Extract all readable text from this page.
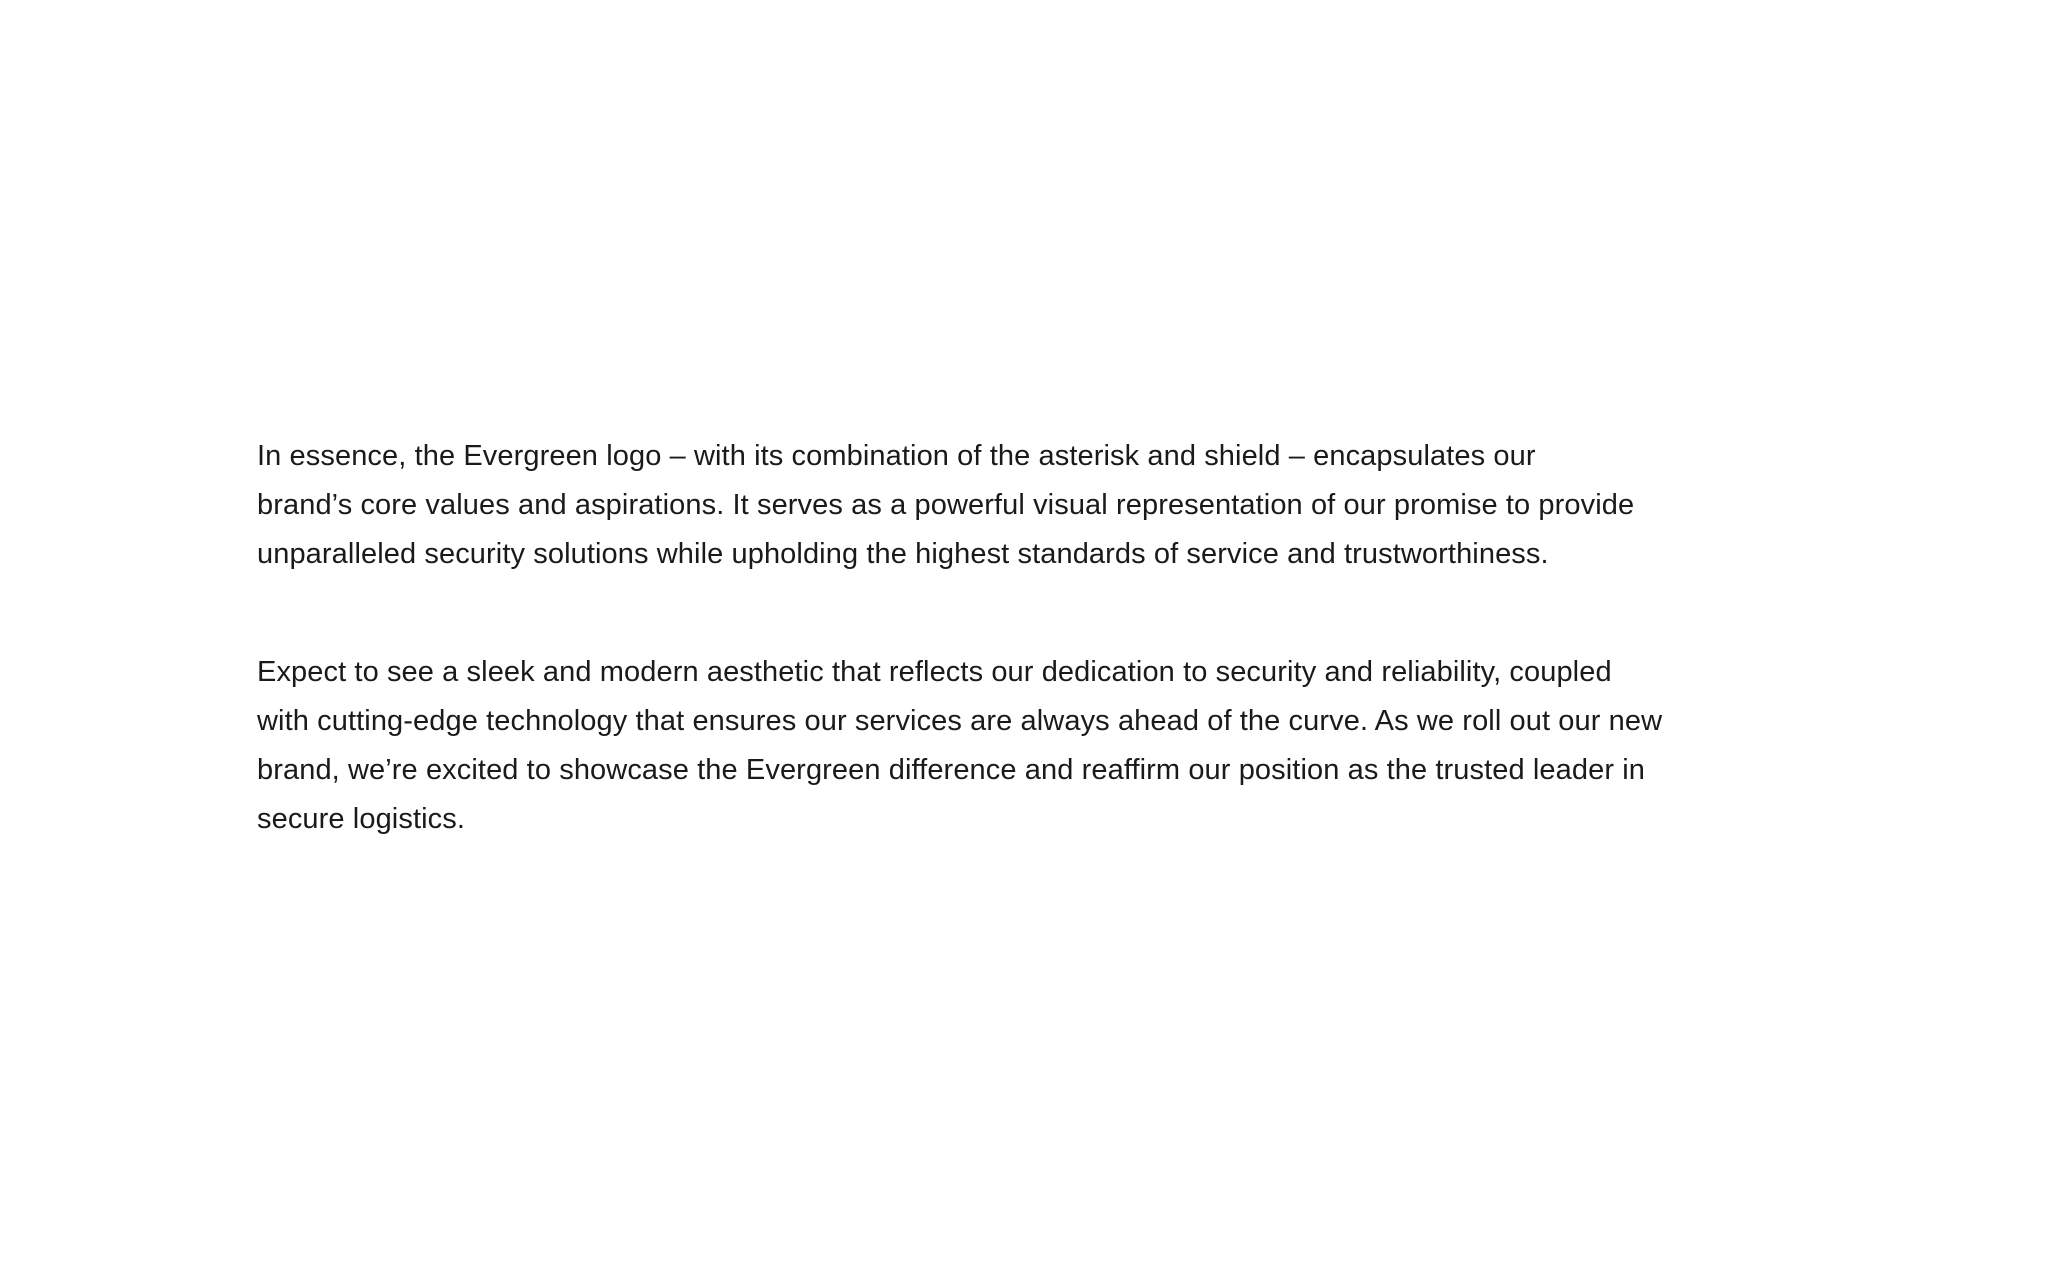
In essence, the Evergreen logo – with its combination of the asterisk and shield – encapsulates our
brand’s core values and aspirations. It serves as a powerful visual representation of our promise to provide
unparalleled security solutions while upholding the highest standards of service and trustworthiness.

Expect to see a sleek and modern aesthetic that reflects our dedication to security and reliability, coupled
with cutting-edge technology that ensures our services are always ahead of the curve. As we roll out our new
brand, we’re excited to showcase the Evergreen difference and reaffirm our position as the trusted leader in
secure logistics.
